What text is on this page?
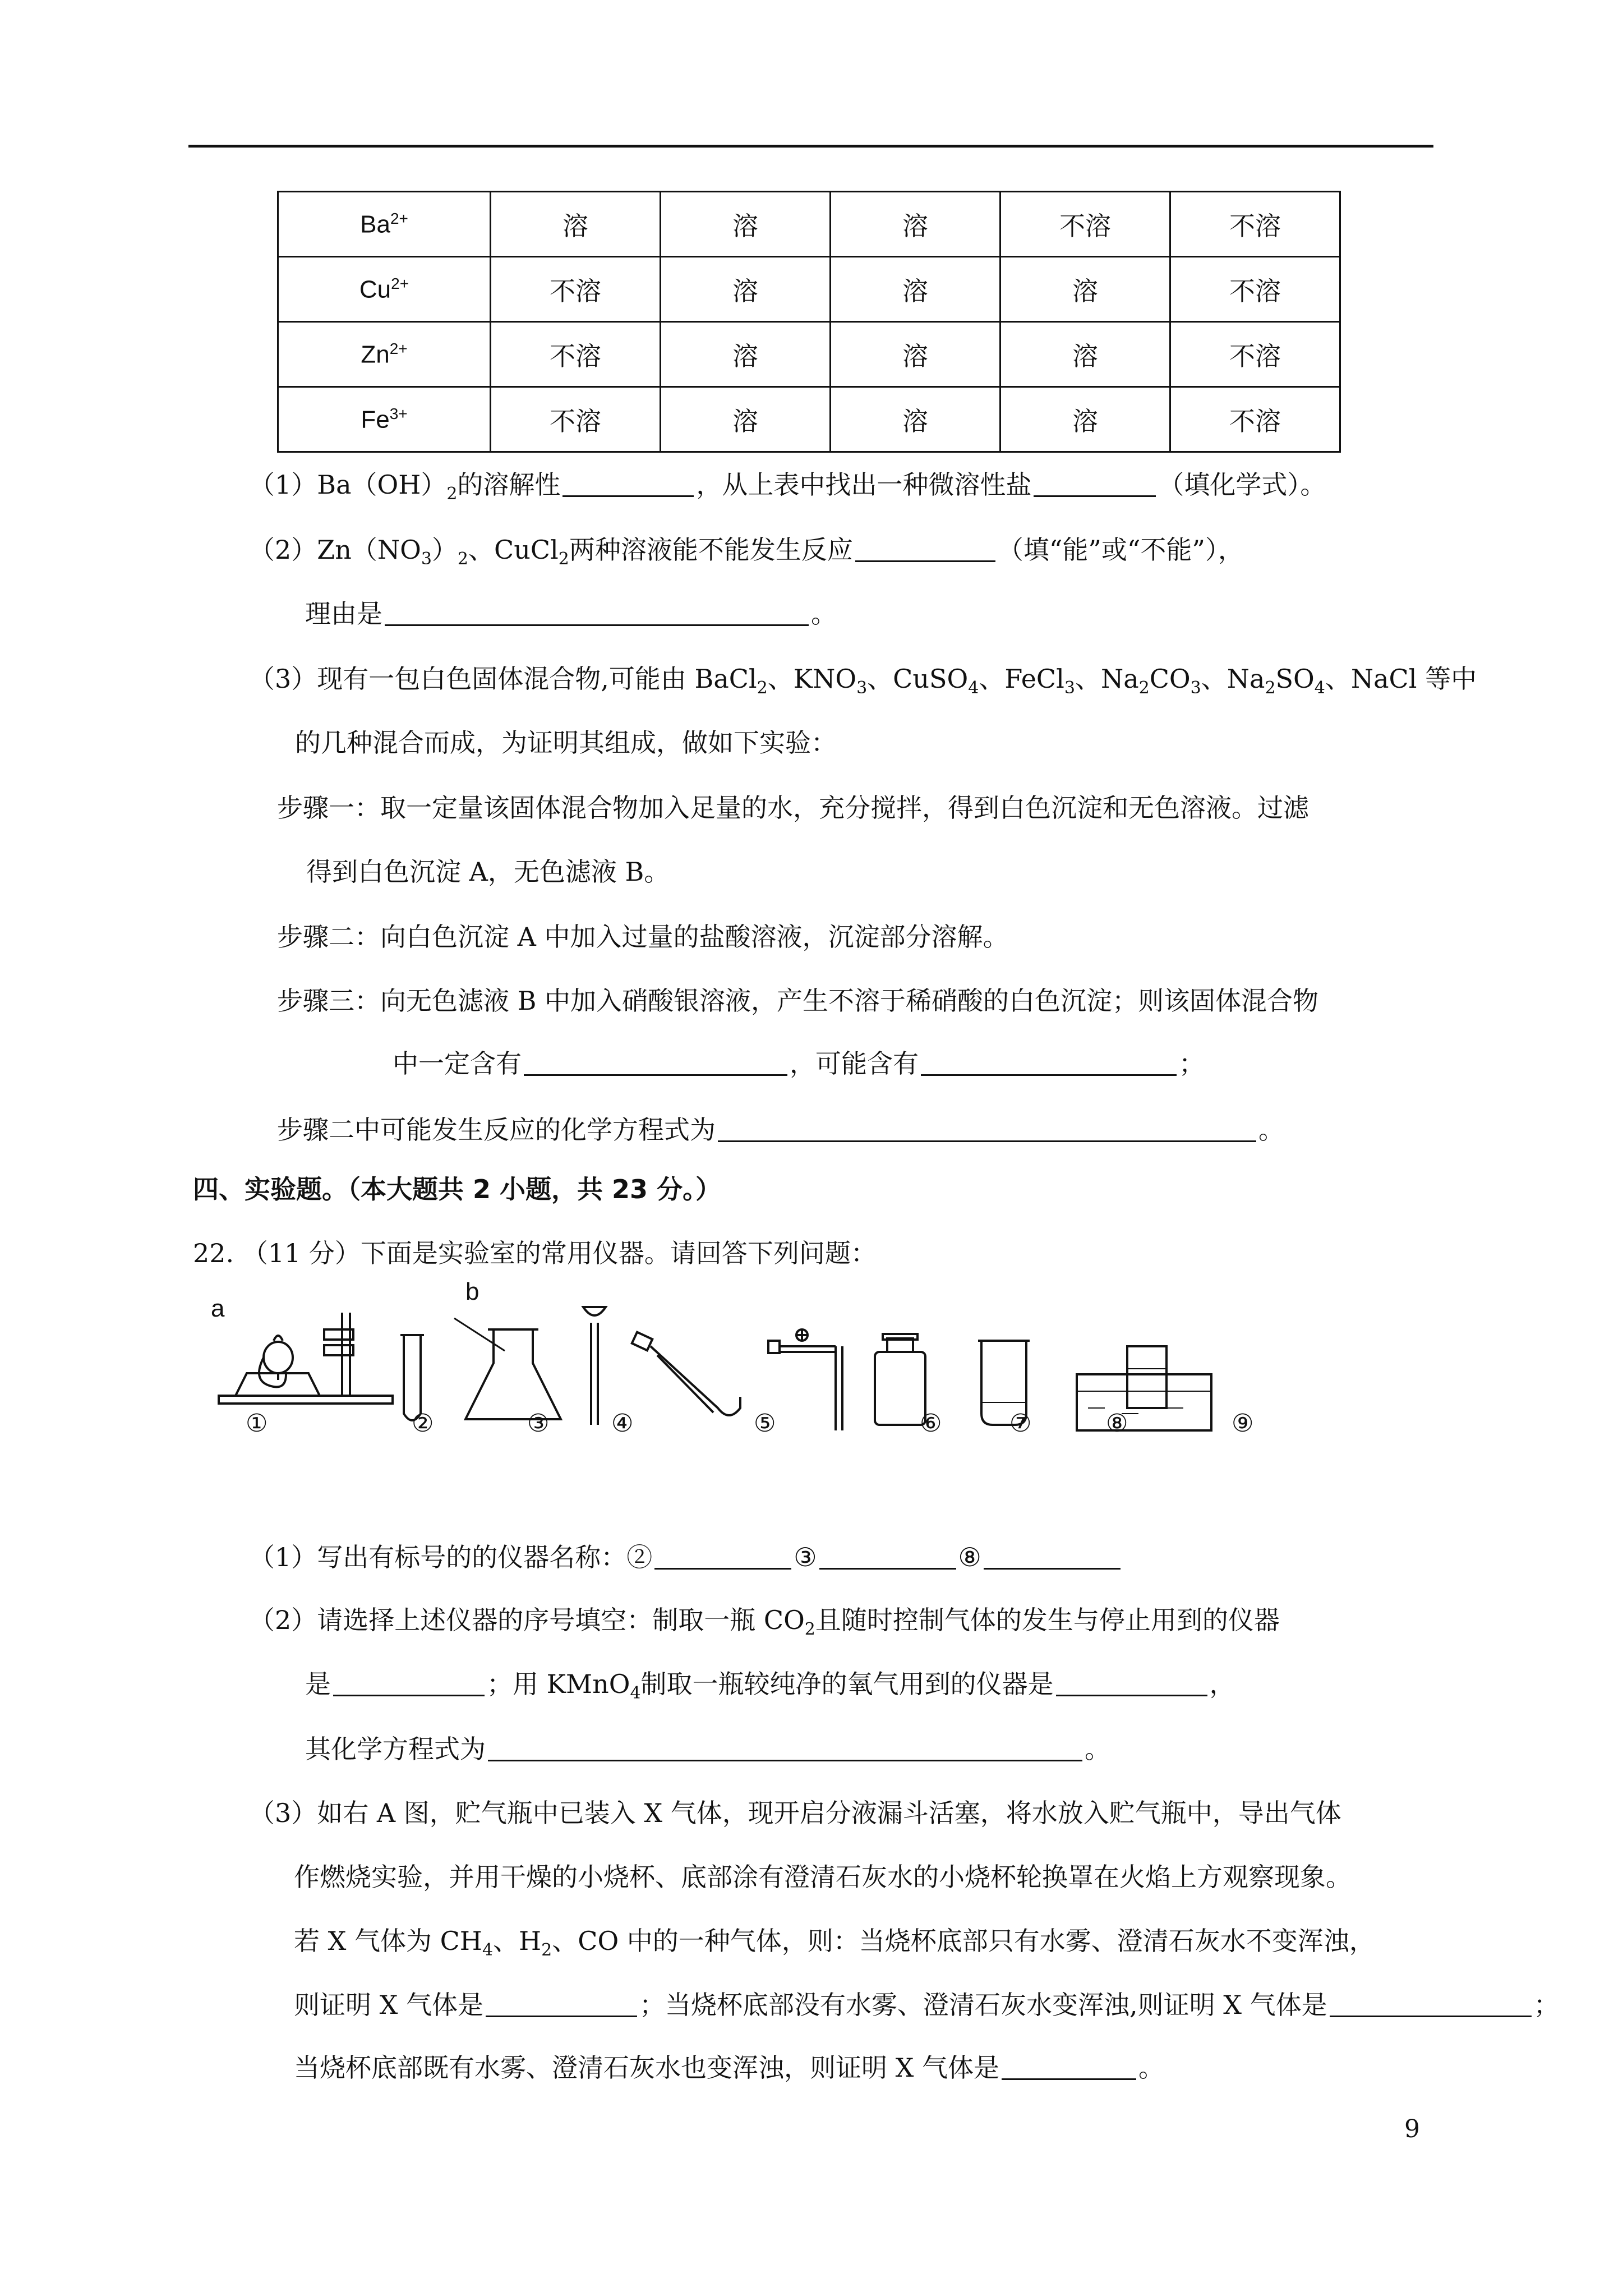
$Ba^{2+}$	溶	溶	溶	不溶	不溶
$Cu^{2+}$	不溶	溶	溶	溶	不溶
$Zn^{2+}$	不溶	溶	溶	溶	不溶
$Fe^{3+}$	不溶	溶	溶	溶	不溶
$(1)Ba(OH)_2$的溶解性	，从上表中找出一种微溶性盐	（填化学式）。
$(2)Zn(NO_3)_2$、CuCl$_2$两种溶液能不能发生反应	（填“能”或“不能”），
理由是	。
（3）现有一包白色固体混合物,可能由 BaCl$_2$、$KNO_3$、CuSO$_4$、FeCl$_3$、$Na_2CO_3$、$Na_2SO_4$、NaCl 等中
的几种混合而成，为证明其组成，做如下实验：
步骤一：取一定量该固体混合物加入足量的水，充分搅拌，得到白色沉淀和无色溶液。过滤
得到白色沉淀 A，无色滤液 B。
步骤二：向白色沉淀 A 中加入过量的盐酸溶液，沉淀部分溶解。
步骤三：向无色滤液 B 中加入硝酸银溶液，产生不溶于稀硝酸的白色沉淀；则该固体混合物
中一定含有	，可能含有	；
步骤二中可能发生反应的化学方程式为	。
四、实验题。（本大题共 2 小题，共 23 分。）
22. （11 分）下面是实验室的常用仪器。请回答下列问题：
a
b
①	②	③	④	⑤	⑥	⑦	⑧	⑨
（1）写出有标号的的仪器名称：②	③	⑧
（2）请选择上述仪器的序号填空：制取一瓶 $CO_2$且随时控制气体的发生与停止用到的仪器
是	；用 KMnO$_4$制取一瓶较纯净的氧气用到的仪器是	，
其化学方程式为	。
（3）如右 A 图，贮气瓶中已装入 X 气体，现开启分液漏斗活塞，将水放入贮气瓶中，导出气体
作燃烧实验，并用干燥的小烧杯、底部涂有澄清石灰水的小烧杯轮换罩在火焰上方观察现象。
若 X 气体为 $CH_4$、$H_2$、CO 中的一种气体，则：当烧杯底部只有水雾、澄清石灰水不变浑浊，
则证明 X 气体是	；当烧杯底部没有水雾、澄清石灰水变浑浊,则证明 X 气体是	；
当烧杯底部既有水雾、澄清石灰水也变浑浊，则证明 X 气体是	。
9
